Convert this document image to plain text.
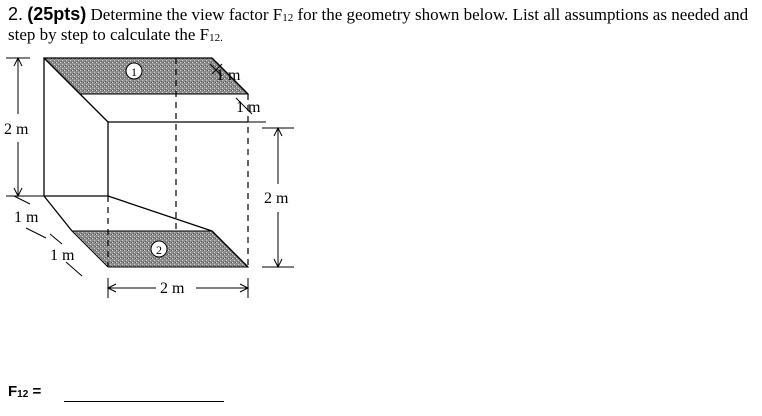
2. (25pts) Determine the view factor $F_{12}$ for the geometry shown below. List all assumptions as needed and step by step to calculate the $F_{12.}$
1
2
1 m
1 m
2 m
2 m
1 m
1 m
2 m
$F_{12}$ =
